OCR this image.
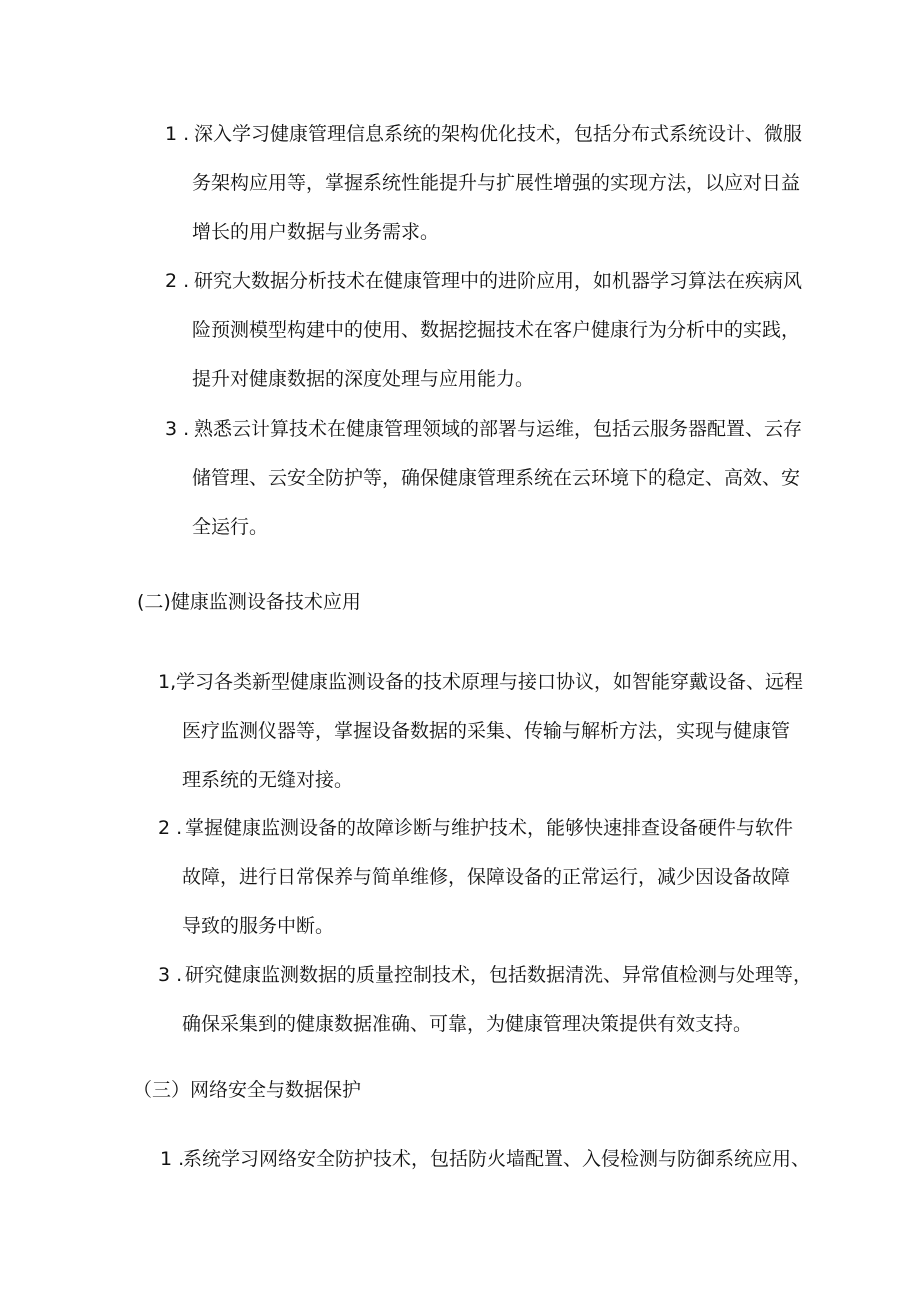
1 . 深入学习健康管理信息系统的架构优化技术，包括分布式系统设计、微服
务架构应用等，掌握系统性能提升与扩展性增强的实现方法，以应对日益
增长的用户数据与业务需求。
2 . 研究大数据分析技术在健康管理中的进阶应用，如机器学习算法在疾病风
险预测模型构建中的使用、数据挖掘技术在客户健康行为分析中的实践，
提升对健康数据的深度处理与应用能力。
3 . 熟悉云计算技术在健康管理领域的部署与运维，包括云服务器配置、云存
储管理、云安全防护等，确保健康管理系统在云环境下的稳定、高效、安
全运行。
(二)健康监测设备技术应用
1, 学习各类新型健康监测设备的技术原理与接口协议，如智能穿戴设备、远程
医疗监测仪器等，掌握设备数据的采集、传输与解析方法，实现与健康管
理系统的无缝对接。
2 . 掌握健康监测设备的故障诊断与维护技术，能够快速排查设备硬件与软件
故障，进行日常保养与简单维修，保障设备的正常运行，减少因设备故障
导致的服务中断。
3 . 研究健康监测数据的质量控制技术，包括数据清洗、异常值检测与处理等，
确保采集到的健康数据准确、可靠，为健康管理决策提供有效支持。
（三）网络安全与数据保护
1 .
系统学习网络安全防护技术，包括防火墙配置、入侵检测与防御系统应用、
